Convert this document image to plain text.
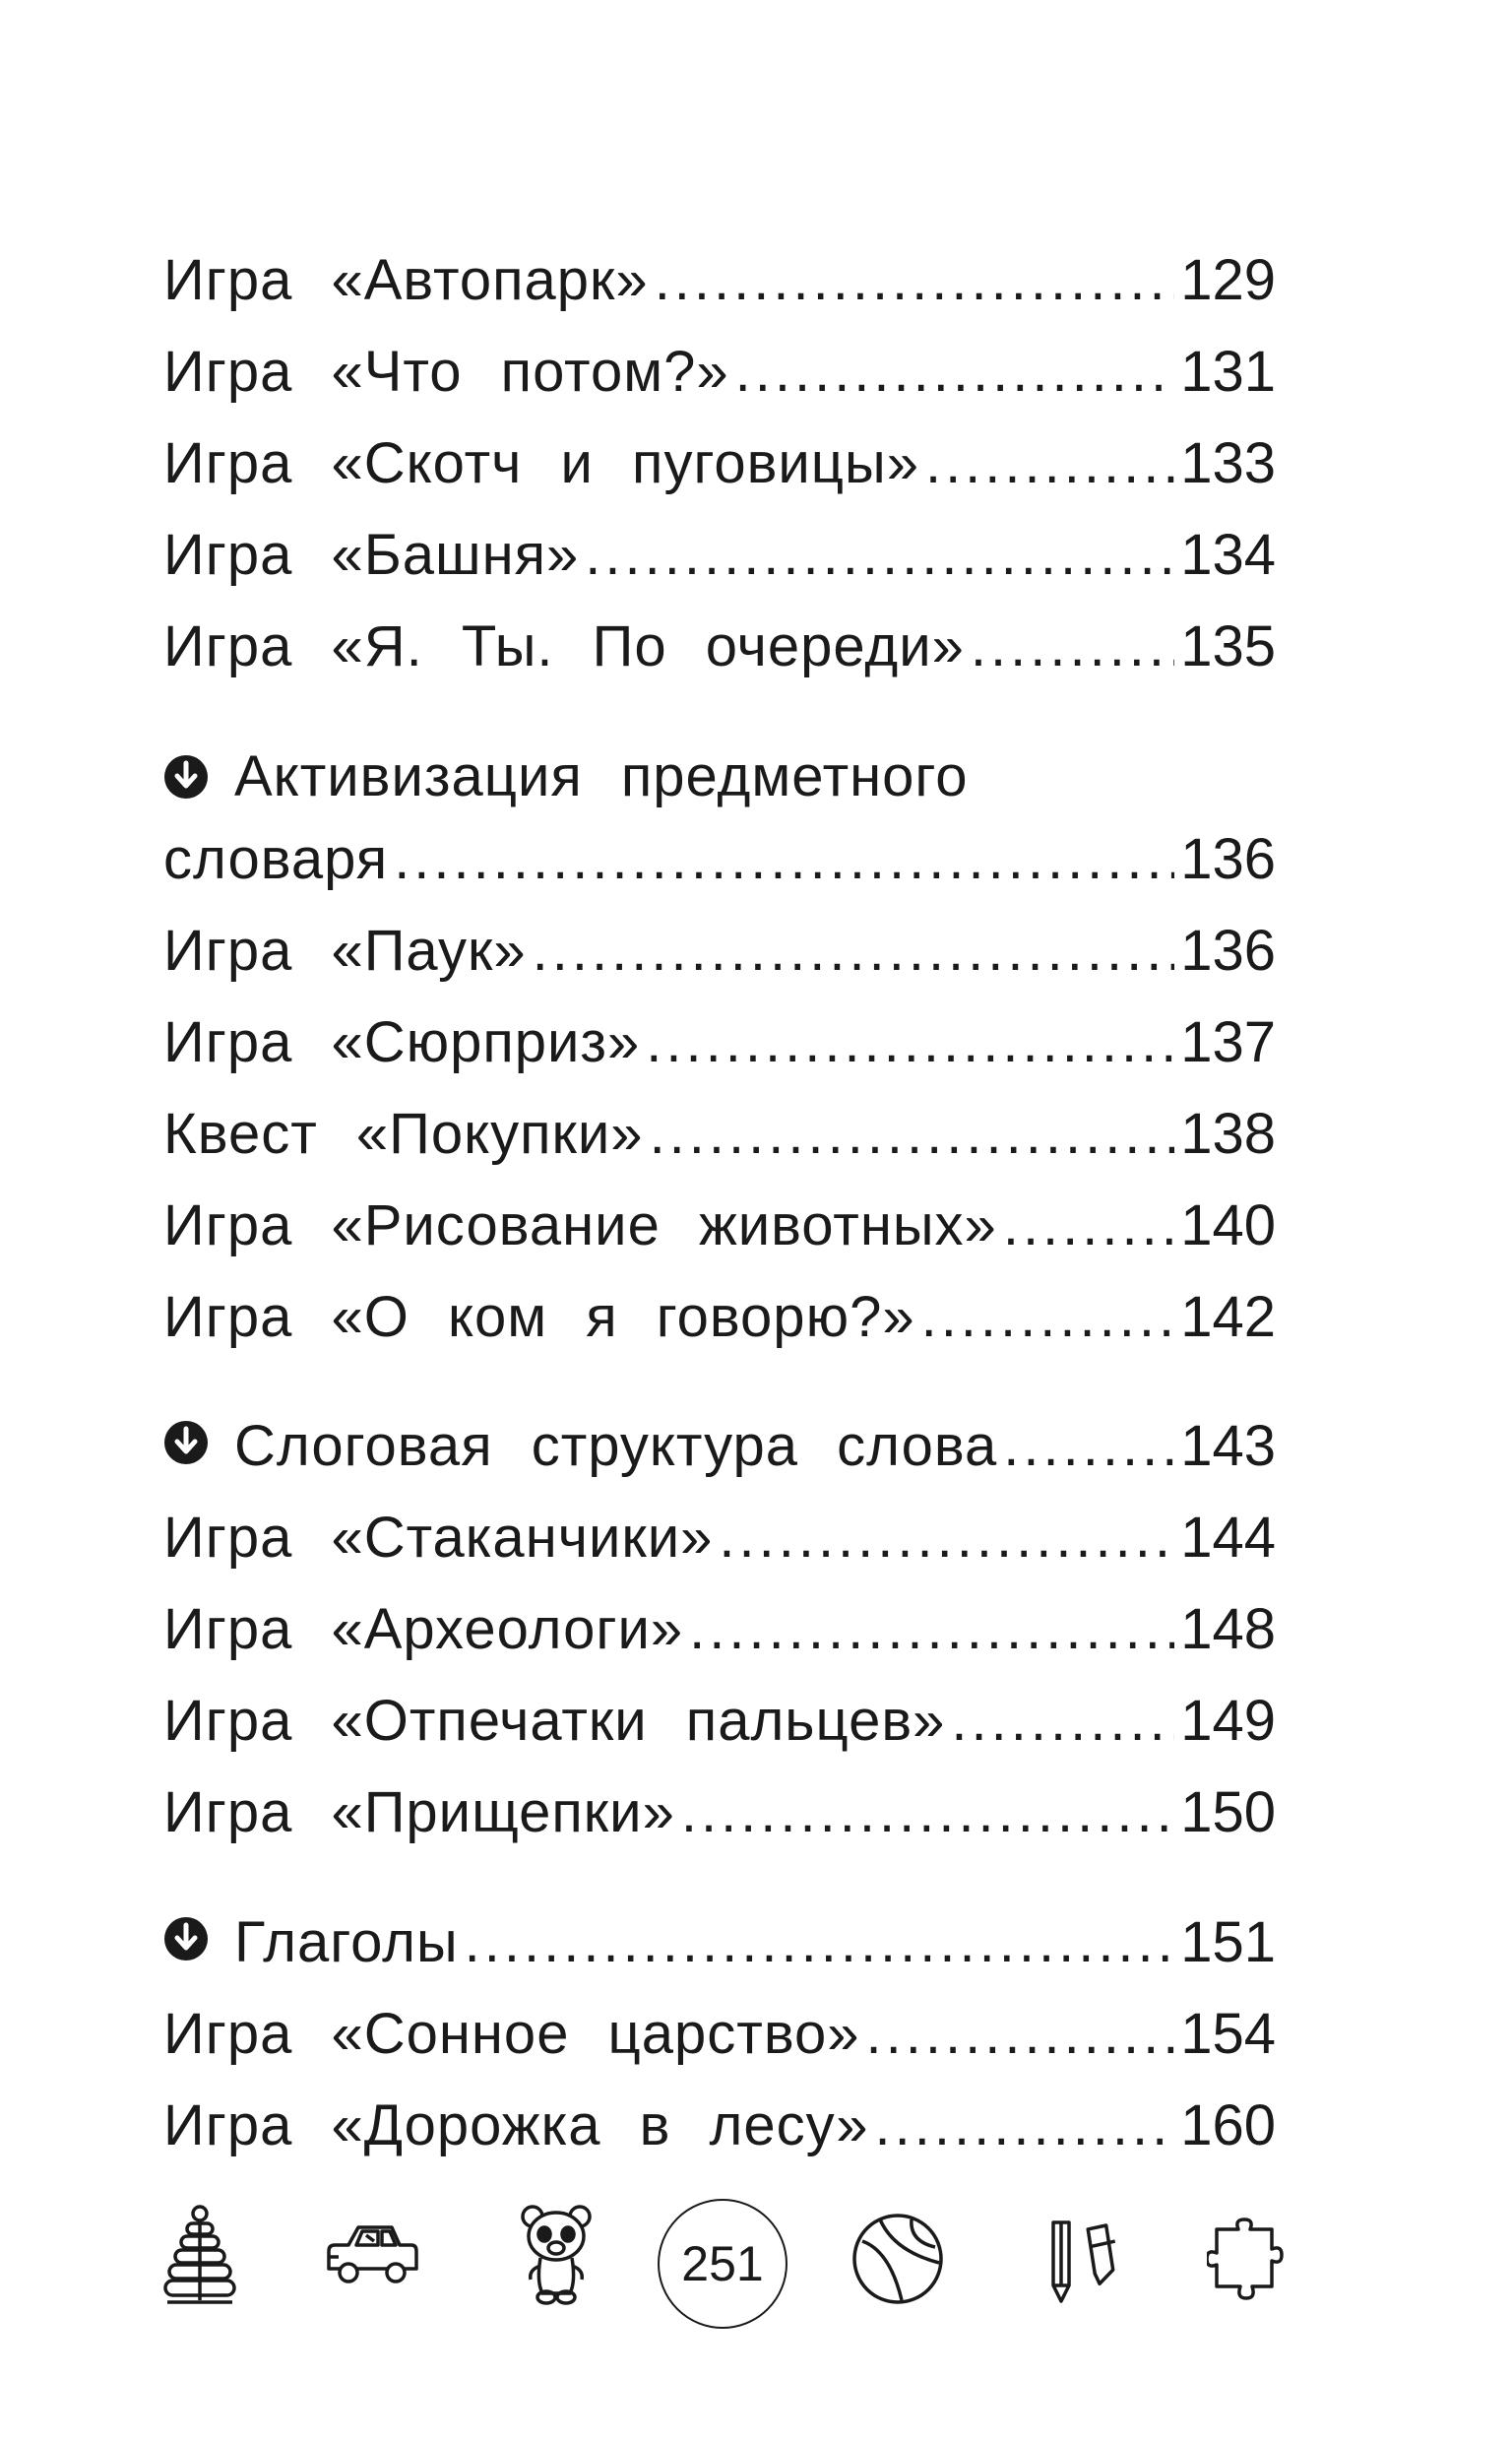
Игра «Автопарк» .....	129
Игра «Что потом?» .....	131
Игра «Скотч и пуговицы» .....	133
Игра «Башня» .....	134
Игра «Я. Ты. По очереди» .....	135
Активизация предметного
словаря .....	136
Игра «Паук» .....	136
Игра «Сюрприз» .....	137
Квест «Покупки» .....	138
Игра «Рисование животных» .....	140
Игра «О ком я говорю?» .....	142
Слоговая структура слова .....	143
Игра «Стаканчики» .....	144
Игра «Археологи» .....	148
Игра «Отпечатки пальцев» .....	149
Игра «Прищепки» .....	150
Глаголы .....	151
Игра «Сонное царство» .....	154
Игра «Дорожка в лесу» .....	160
251
